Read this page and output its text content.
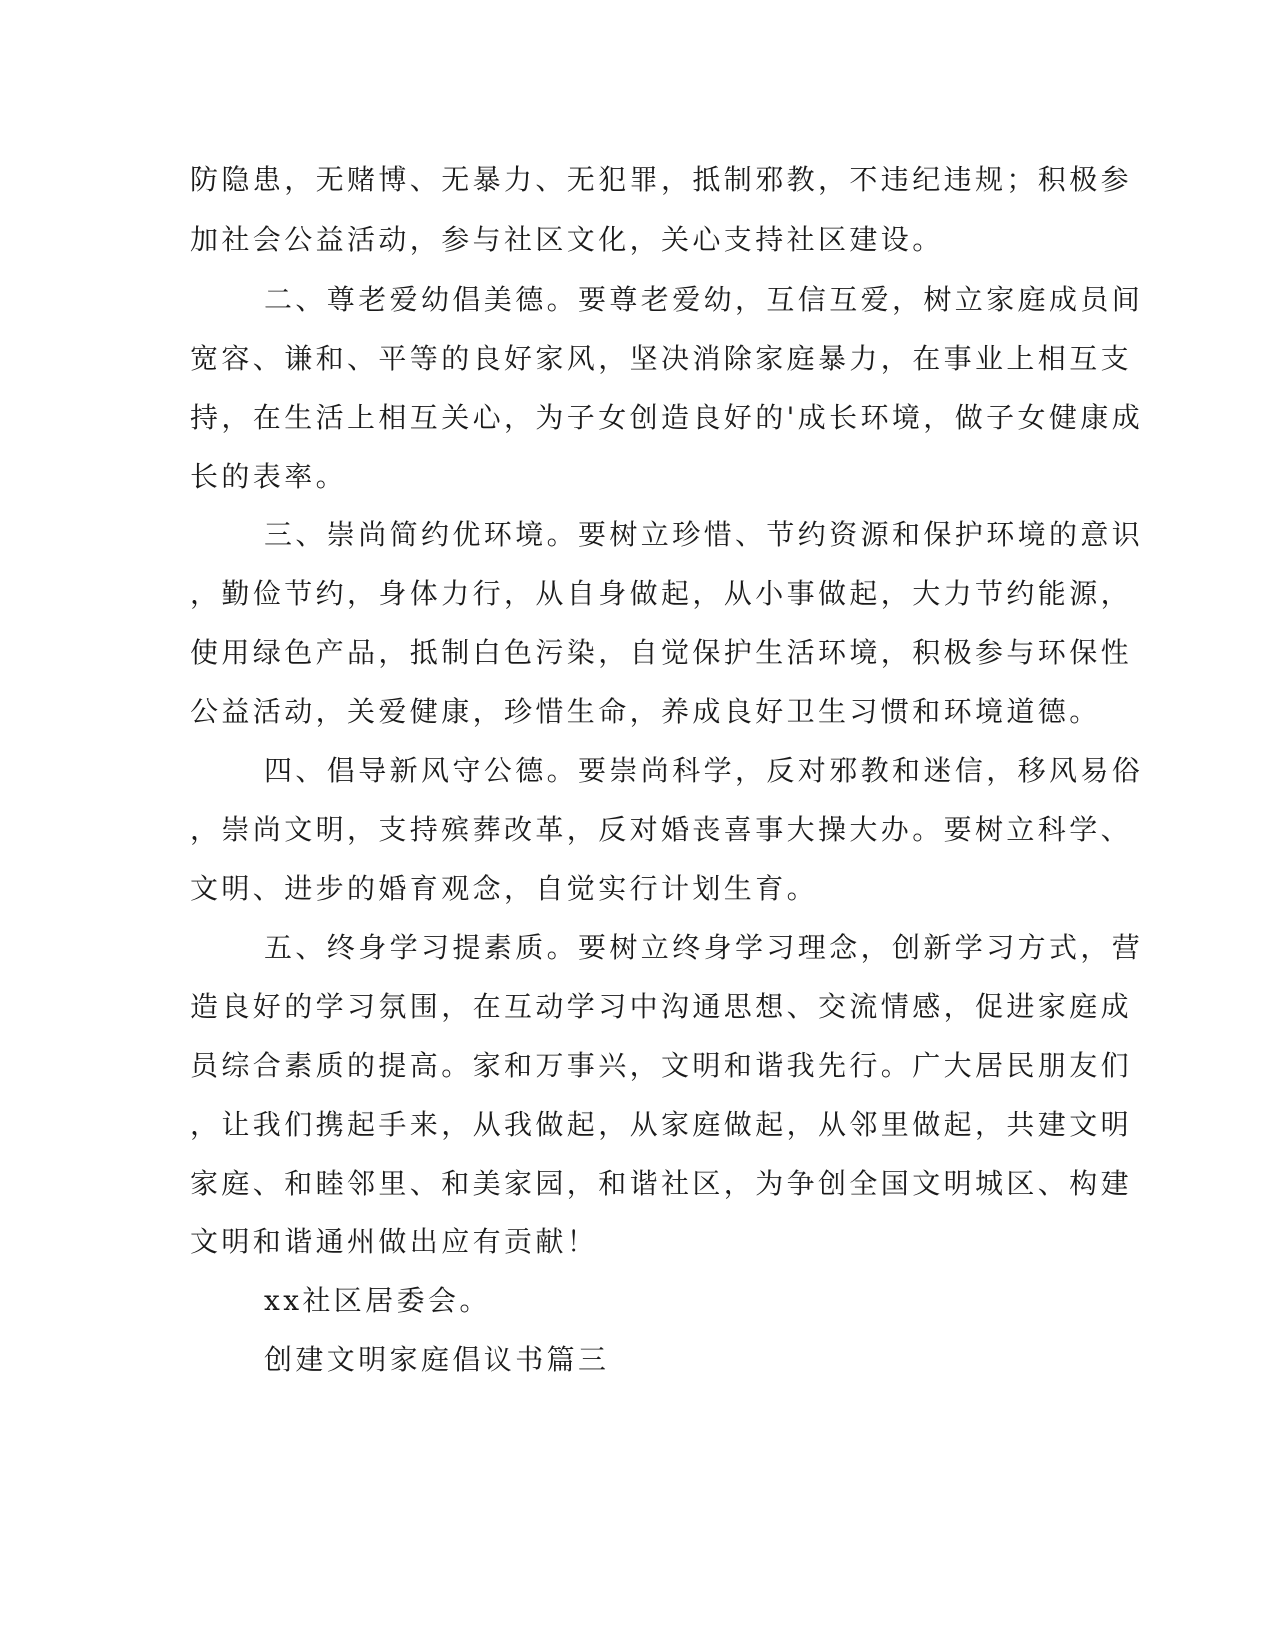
防隐患，无赌博、无暴力、无犯罪，抵制邪教，不违纪违规；积极参
加社会公益活动，参与社区文化，关心支持社区建设。
二、尊老爱幼倡美德。要尊老爱幼，互信互爱，树立家庭成员间
宽容、谦和、平等的良好家风，坚决消除家庭暴力，在事业上相互支
持，在生活上相互关心，为子女创造良好的'成长环境，做子女健康成
长的表率。
三、崇尚简约优环境。要树立珍惜、节约资源和保护环境的意识
，勤俭节约，身体力行，从自身做起，从小事做起，大力节约能源，
使用绿色产品，抵制白色污染，自觉保护生活环境，积极参与环保性
公益活动，关爱健康，珍惜生命，养成良好卫生习惯和环境道德。
四、倡导新风守公德。要崇尚科学，反对邪教和迷信，移风易俗
，崇尚文明，支持殡葬改革，反对婚丧喜事大操大办。要树立科学、
文明、进步的婚育观念，自觉实行计划生育。
五、终身学习提素质。要树立终身学习理念，创新学习方式，营
造良好的学习氛围，在互动学习中沟通思想、交流情感，促进家庭成
员综合素质的提高。家和万事兴，文明和谐我先行。广大居民朋友们
，让我们携起手来，从我做起，从家庭做起，从邻里做起，共建文明
家庭、和睦邻里、和美家园，和谐社区，为争创全国文明城区、构建
文明和谐通州做出应有贡献！
xx社区居委会。
创建文明家庭倡议书篇三
